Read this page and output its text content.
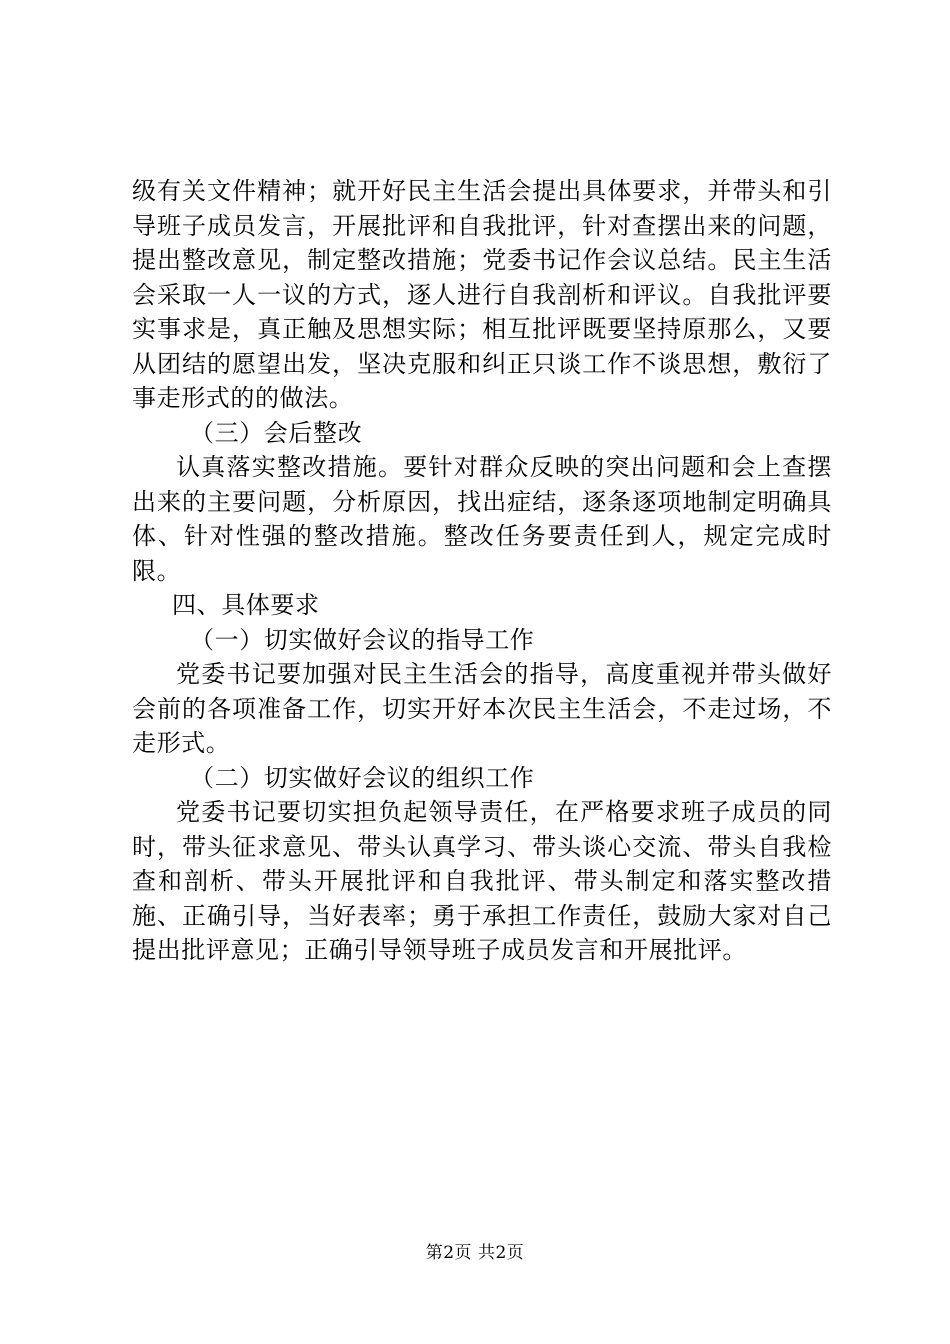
级有关文件精神；就开好民主生活会提出具体要求，并带头和引导班子成员发言，开展批评和自我批评，针对查摆出来的问题，提出整改意见，制定整改措施；党委书记作会议总结。民主生活会采取一人一议的方式，逐人进行自我剖析和评议。自我批评要实事求是，真正触及思想实际；相互批评既要坚持原那么，又要从团结的愿望出发，坚决克服和纠正只谈工作不谈思想，敷衍了事走形式的的做法。

（三）会后整改

认真落实整改措施。要针对群众反映的突出问题和会上查摆出来的主要问题，分析原因，找出症结，逐条逐项地制定明确具体、针对性强的整改措施。整改任务要责任到人，规定完成时限。

四、具体要求

（一）切实做好会议的指导工作

党委书记要加强对民主生活会的指导，高度重视并带头做好会前的各项准备工作，切实开好本次民主生活会，不走过场，不走形式。

（二）切实做好会议的组织工作

党委书记要切实担负起领导责任，在严格要求班子成员的同时，带头征求意见、带头认真学习、带头谈心交流、带头自我检查和剖析、带头开展批评和自我批评、带头制定和落实整改措施、正确引导，当好表率；勇于承担工作责任，鼓励大家对自己提出批评意见；正确引导领导班子成员发言和开展批评。

第2页 共2页
